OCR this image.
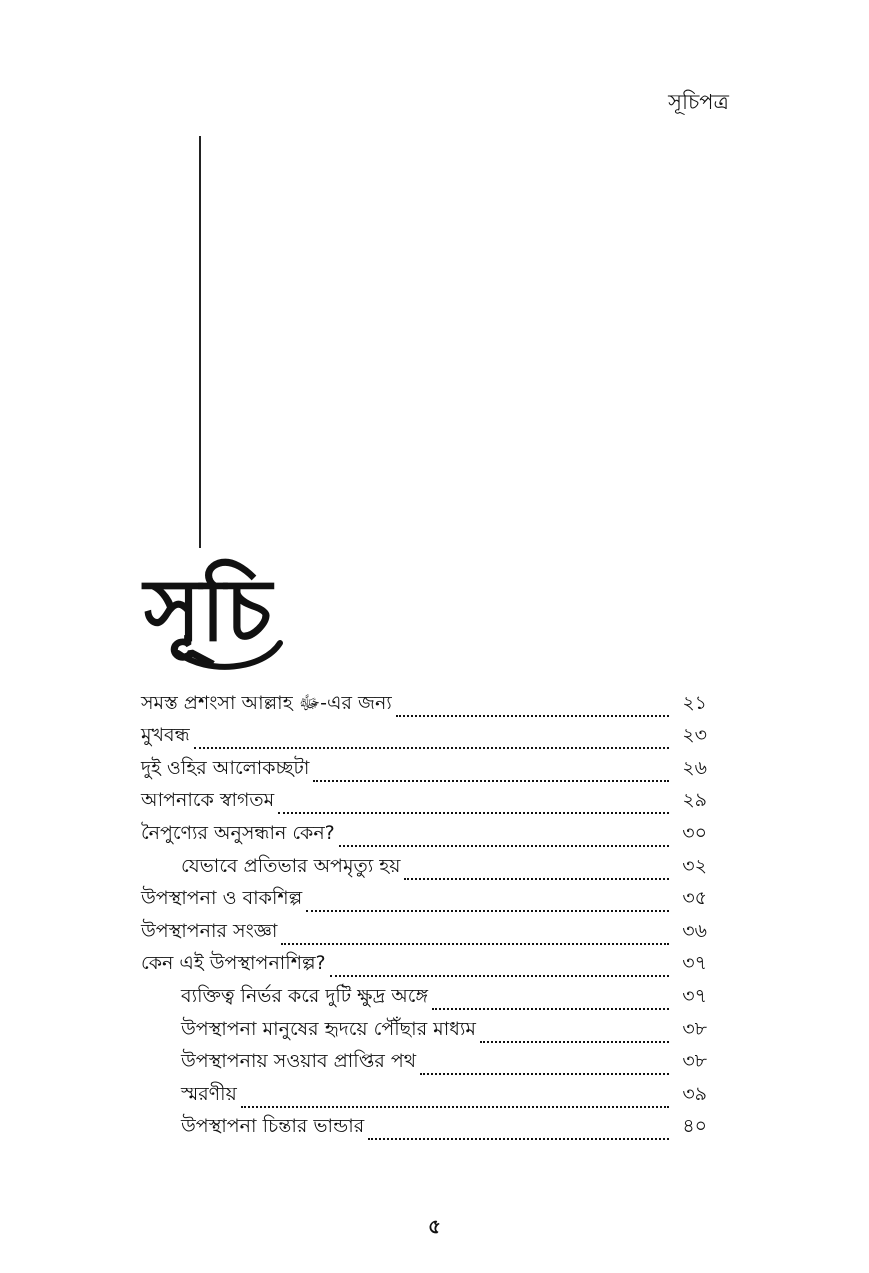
সূচিপত্র
সূচি
সমস্ত প্রশংসা আল্লাহ ﷻ-এর জন্য	২১
মুখবন্ধ	২৩
দুই ওহির আলোকচ্ছটা	২৬
আপনাকে স্বাগতম	২৯
নৈপুণ্যের অনুসন্ধান কেন?	৩০
যেভাবে প্রতিভার অপমৃত্যু হয়	৩২
উপস্থাপনা ও বাকশিল্প	৩৫
উপস্থাপনার সংজ্ঞা	৩৬
কেন এই উপস্থাপনাশিল্প?	৩৭
ব্যক্তিত্ব নির্ভর করে দুটি ক্ষুদ্র অঙ্গে	৩৭
উপস্থাপনা মানুষের হৃদয়ে পৌঁছার মাধ্যম	৩৮
উপস্থাপনায় সওয়াব প্রাপ্তির পথ	৩৮
স্মরণীয়	৩৯
উপস্থাপনা চিন্তার ভান্ডার	৪০
৫
